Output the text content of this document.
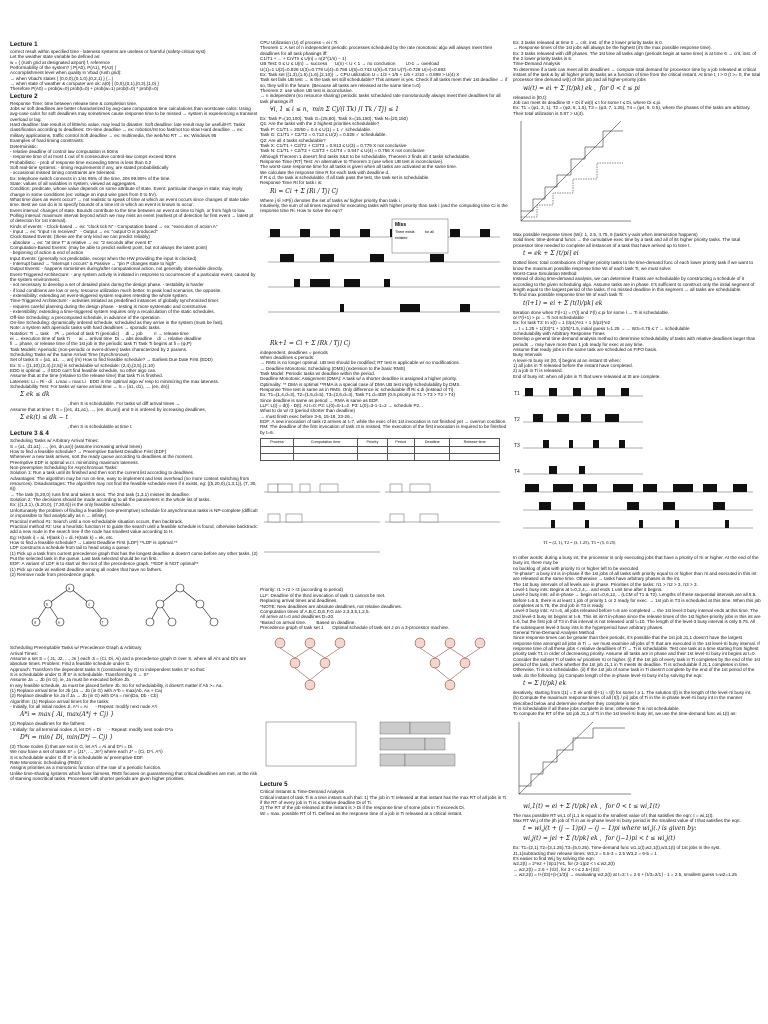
Lecture 1
correct result within specified time - lateness systems are useless or harmful (safety-critical syst)
Let the weather state variable be defined as:
w = { (rush grid at designated airport) f, reference
Performability of the system? | P(A0), P(A1), P(A2) |
Accomplishment level when quality in Vbad (rush grid):
→ when Vbad's states { (0,0,0),(0,1,0),(0,2,1) } {...}
→ when state of weather & computer are ok: a(0) { (0,0),(0,1),(0,2),(1,0) }
Therefore P(A0) = prob(w=0) prob(t=0) + prob(w=1) prob(t=0) * prob(t=0)
Lecture 2
Response Time: time between release time & completion time.
Jobs w/ soft deadlines are better characterized by avg-case computation time calculations than worstcase calcs. Using avg-case calcs for soft deadlines may sometimes cause response time to be missed → system is experiencing a transient overload or lag.
Hard deadline: late result is of little/no value, may lead to disaster. Soft deadline: late result may be useful/HT. Tasks classification according to deadlines: On-time deadline → ex: robotics/rst too fast/not too slow Hard deadline → ex: military applications, traffic control Soft deadline → ex: multimedia, the web/No RT → ex: Windows 95
Examples of hard timing constraints:
Deterministic:
- relative deadline of control law computation is 50ms
- response time of at most 1 out of 5 consecutive control-law comps exceed 50ms
Probabilistic: - prob of response time exceeding 50ms is less than 0.2
Soft real-time systems: - timing requirements if any, are stated probabilistically
- occasional missed timing constraints are tolerated.
Ex: telephone switch connects in 1/4s 95% of the time, 20s 99.95% of the time.
State: values of all variables in system, viewed as aggregates.
Condition: predicate, whose value depends on some attribute of state. Event: particular change in state; may imply change in some conditions (ex: voltage on input wire goes from 0 to 5V).
What time does an event occur? → not realistic to speak of time at which an event occurs since changes of state take time. Best we can do is to specify bounds of a time int in which an event is known to occur.
Event interval: changes of state. Bounds contribute to the time between an event at time to high, or from high to low.
Polling interval: maximum interval beyond which we may miss an event (earliest pt of detection for first event → latest pt of detection for 1st interval).
Kinds of events: - Clock-based → ex: "clock tick N" - Computation based → ex: "execution of action A"
- Input → ex: "input I is received"   - Output → ex: "output O is produced"
Clock-Based Events: (these are the only kind we can predict reliably)
- absolute → ex: "at time T" & relative → ex: "2 seconds after event E"
Computation-Based Events: (may be able to predict earliest point, but not always the latest point)
- beginning of action & end of action
Input Events: (generally not predictable, except when the HW providing the input is clocked)
- Interrupt based → "interrupt I occurs" & Passive → "pin P changes state to high"
Output Events: - happens sometimes during/after computational action, not generally observable directly.
Event-Triggered Architecture: - any system activity is initiated in response to occurrences of a particular event, caused by the system environment.
- not necessary to develop a set of detailed plans during the design phase. - testability is harder
- if load conditions are low or very, resource utilization much better. In peak load scenarios, the opposite.
- extensibility: extending an event-triggered system requires retesting the whole system.
Time-Triggered Architecture: - activities initiated as predefined instances of globally synchronized timer.
- requires careful planning during the design phase. - testing is more systematic and constructive.
- extensibility: extending a time-triggered system requires only a recalculation of the static schedules.
Off-line Scheduling: a precomputed schedule, in advance of the operation.
On-line Scheduling: dynamically ordered schedule, scheduled as they arrive in the system (must be fast).
Note: a system with aperiodic tasks with hard deadlines → sporadic tasks.
Notation: Ti → task     Pi → period of task Ti (periodic)     di → job         ri → release time
ei → execution time of task Ti       ai → arrival time  Di → abs deadline    di → relative deadline
fi → phase, or release time of the 1st job in the periodic task Ti Task Ti begins at fi = (φ,P)
Task Models: Aperiodic (non-periodic or event-driven) tasks characterized by 2 params.
Scheduling Tasks w/ the Same Arrival Time (Synchronous)
Set of tasks S = {a1, a1, ..., an} (m) How to find feasible schedule? → Earliest Due Date First (EDD)
Ex: S = {(1,10),(2,4),(2,5)} is schedulable w/ schedule: (2,4),(2,5),(1,10)
EDD is optimal → if EDD can't find feasible schedule, no other algo can.
Assume that at the time (relative to the release time) that task Ti is finished.
Lateness: Li = Ri - di   Lmax = max Li   EDD is the optimal algo w/ resp to minimizing the max lateness.
Schedulability Test: For tasks w/ same arrival time → S = {a1, d1), ..., (en, dn)}
Σ ek ≤ dk
, then S is schedulable. For tasks w/ diff arrival times →
Assume that at time t: S = {(e1, d1,a1), ..., (en, dn,an)} and S is ordered by increasing deadlines,
Σ ek(t) ≤ dk − t
, then S is schedulable at time t.
Lecture 3 & 4
Scheduling Tasks w/ Arbitrary Arrival Times:
S = {a1, d1,a1}, ..., (en, dn,an)} (assume increasing arrival times)
How to find a feasible schedule? → Preemptive Earliest Deadline First (EDF)
Whenever a new task arrives, sort the ready queue according to deadlines at the moment.
Preemptive EDF is optimal w.r.t. minimizing maximum lateness.
Non-preemptive Scheduling for Asynchronous Tasks:
Solution 1: Run a task until its finished and then sort the current list according to deadlines.
Advantages: The algorithm may be run on-line, easy to implement and less overhead (no more context switching from resources). Disadvantages: The algorithm may not find the feasible schedule even if it exists, eg: {(5,20,0),(1,3,1)}, (7, 30, 6)}
→ The task (5,20,0) runs first and takes 5 secs. The 2nd task (1,3,1) misses its deadline.
Solution 2: The decisions should be made according to all the parameters in the whole list of tasks.
Ex: {(1,3,1), (5,20,0), (7,30,6)} is the only feasible schedule.
Unfortunately the problem of finding a feasible (non-preemptive) schedule for asynchronous tasks is NP-complete (difficult or impossible to find analytically as n → infinity).
Practical method #1: Search until a non-schedulable situation occurs, then backtrack.
Practical method #2: Use a heuristic function H to guide the search until a feasible schedule is found, otherwise backtrack: add a new node in the search tree if the node has smallest value according to H.
Eg: H(task i) = ai, H(task i) = di, H(task k) = ek, etc.
How to find a feasible schedule? → Latest Deadline First (LDF) **LDF is optimal.**
LDF constructs a schedule from tail to head using a queue:
(1) Pick up a task from current precedence graph that has the longest deadline & doesn't come before any other tasks. (2) Put the selected task in the queue. Last task selected should be run first.
EDF: A variant of LDF is to start w/ the root of the precedence graph. **EDF is NOT optimal**
(1) Pick up node w/ earliest deadline among all nodes that have no fathers.
(2) Remove node from precedence graph.
a
b	c
d	e	f
Scheduling Preemptable Tasks w/ Precedence Graph & Arbitrary
Arrival Times:
Assume a set S = { J1, J2, ..., Jn } each Ji = (Ci, Di, Ai) and a precedence graph G over S, where all Ai's and Di's are absolute times. Problem: Find a feasible schedule under G.
Approach: Transform the dependent tasks S (constrained by G) to independent tasks S* so that:
S is schedulable under G iff S* is schedulable. Transforming S → S*:
Assume Ja → Jb (in G), ie, Ja must be executed before Jb.
In any feasible schedule, Ja must be placed before Jb. So for schedulability, it doesn't matter if Ab >= Aa.
(1) Replace arrival time for Jb (Ja → Jb (in G) with A*b = max(Ab, Aa + Ca)
(2) Replace deadline for Ja if Ja → Jb (in G) with D*a = min(Da, Db - Cb)
Algorithm: (1) Replace arrival times for the tasks:
- Initially, for all initial nodes Ji, A*i = Ai      - Repeat: modify next node A*i
A*i = max{ Ai, max(A*j + Cj) }
(2) Replace deadlines for the fathers:
- Initially: for all terminal nodes Ji, let D*i = Di      - Repeat: modify next node D*a
D*i = min{ Di, min(D*j − Cj) }
(3) Those nodes (i) that are not in G, let A*i = Ai and D*i = Di.
We now have a set of tasks S* = {J1*, ..., Jn*} where each J* = (Ci, D*i, A*i)
S is schedulable under G iff S* is schedulable w/ preemptive EDF.
Rate Monotonic Scheduling (RMS):
Assigns priorities as a monotonic function of the rate of a periodic function.
Unlike time-sharing systems which favor fairness, RMS focuses on guaranteeing that critical deadlines are met, at the risk of starving noncritical tasks. Processes with shorter periods are given higher priorities.
CPU Utilization (U) of process = ei / Ti.
Theorem 1: A set of n independent periodic processes scheduled by the rate monotonic algo will always meet their deadlines for all task phasings iff:
C1/T1 + ... + Cn/Tn ≤ U(n) = n(2^(1/n) − 1)
UB Test: 0 ≤ U ≤ U(n) → success      U(n) < U < 1 → no conclusion        U>1 → overload
U(1)=1 U(2)=0.828 U(3)=0.779 U(4)=0.756 U(5)=0.743 U(6)=0.734 U(7)=0.728 U(∞)=0.693
Ex: Task set {(1,3),(1,5),(1,6),(2,10)} → CPU utilization U = 1/3 + 1/5 + 1/6 + 2/10 = 0.899 > U(4) X
Task set fails UB test → is the task set still schedulable? This answer is yes. Check if all tasks meet their 1st deadline → if so, they will in the future. (Because all tasks are released at the same time t=0)
Theorem 2: use when UB test is inconclusive.
→ n independent (no resource sharing) periodic tasks scheduled rate monotonically always meet their deadlines for all task phasings iff
∀i, 1 ≤ i ≤ n,  min Σ Cj/(l Tk) ⌈l Tk / Tj⌉ ≤ 1
Ex: Task P=(10,100), Task G=(25,80), Task X=(15,150), Task N=(20,150)
Q1: Are the tasks with the 2 highest priorities schedulable?
Task P: C1/T1 = 20/50 = 0.4 ≤ U(1) = 1 ✓ schedulable.
Task G: C1/T1 + C2/T2 = 0.713 ≤ U(2) = 0.828 ✓ schedulable.
Q2: Are all 4 tasks schedulable?
Task X: C1/T1 + C2/T2 + C3/T3 = 0.813 ≤ U(3) = 0.779 X not conclusive
Task N: C1/T1 + C2/T2 + C3/T3 + C4/T4 = 0.947 ≤ U(4) = 0.756 X not conclusive
Although Theorem 1 doesn't find tasks X&S to be schedulable, Theorem 2 finds all 4 tasks schedulable.
Response Time (RT) Test: An alternative to Theorem 2 (use when UB test is inconclusive).
The worst-case response time for all tasks is given when all tasks are activated at the same time.
We calculate the response time R for each task with deadline d.
If R ≤ d, the task is schedulable. If all task pass the test, the task set is schedulable.
Response Time RI for task i is:
Ri = Ci + Σ ⌈Ri / Tj⌉ Cj
Where j ∈ HP(i) denotes the set of tasks w/ higher priority than task i.
Intuitively, the sum of all times required for executing tasks with higher priority than task i (and the computing time Ci is the response time Ri. How to solve the eqn?
Miss
There exists	for all
enlisted
Rk+1 = Ci + Σ ⌈Rk / Tj⌉ Cj
independent, deadlines = periods
When deadlines ≤ periods:
→ RMS is no longer optimal. UB test should be modified; RT test is applicable w/ no modifications.
→ Deadline Monotonic Scheduling (DMS) (extension to the basic RMS)
Task Model: Periodic tasks w/ deadline within the period.
Deadline Monotonic Assignment (DMA): A task w/ a shorter deadline is assigned a higher priority.
Optimality: ** DMA is optimal **RMA is a special case of DMA UB test imply schedulability by DMS.
Response Time test is same as in RMS. Only difference is: schedulable iff Ri ≤ di (instead of Ti).
Ex: T1=(1,4,d=3), T2=(1,5,d=5), T3=(2,6,d=4), Task T1 d=4DR (0.5 priority is T1 > T3 > T2 > T4)
Since deadline is same as period → RMA is same as EDF.
LLF: L(t) = d(t) - D(t). At t=0: P2: L(0)=5-1=2  P3: L(0)=3-1-1=2 → schedule P2...
What to do w/ r3 (period shorter than deadline)
→ must finish exec before 3-6, 15-18, 23-26...
EDF: A new invocation of task r2 arrives at t=7, while the exec of its 1st invocation is not finished yet → overrun condition.
RM: The deadline of the first invocation of task r3 is missed. The execution of the first invocation is required to be finished by t=6.
Process	Computation time	Priority	Period	Deadline	Release time

Priority: r1 > r2 > r3 (according to period)
LLF: Deadline of the third invocation of task r1 cannot be met.
Replacing arrival times and deadlines.
*NOTE: New deadlines are absolute deadlines, not relative deadlines.
Computation times of A,B,C,D,E,F,G are 2,3,3,5,1,2,5.
All arrive at t=0 and deadlines D=20.
*Based on arrival time.        Based on deadline.
Precedence graph of task set J       Optimal schedule of task set J on a 3-processor machine.
Lecture 5
Critical Instants & Time-Demand Analysis
Critical instant of task Ti is a time instant such that: 1) The job in Ti released at that instant has the max RT of all jobs in Ti if the RT of every job in Ti is ≤ relative deadline Di of Ti.
2) The RT of the job released at the instant is > Di if the response time of some jobs in Ti exceeds Di.
Wi = max. possible RT of Ti. Defined as the response time of a job in Ti released at a critical instant.
Ex: 3 tasks released at time 0 → crit. inst. of the 2 lower priority tasks is 0.
→ Response times of the 1st jobs will always be the highest (it's the max possible response time).
Ex: 3 tasks released with diff phases. The 1st time all tasks align (periods begin at same time) is at time 6 → crit. inst. of the 2 lower priority tasks is 6.
Time-Demand Analysis
To determine if a task can meet all its deadlines → compute total demand for processor time by a job released at critical instant of the task & by all higher priority tasks as a function of time from the critical instant. At time t, t > 0 (t >= 0, the total processor time demand wi(t) of this job and all higher-priority jobs
wi(t) = ei + Σ ⌈t/pk⌉ ek ,  for 0 < t ≤ pi
released in [t0,t]:
Job can meet its deadline t0 + Di if wi(t) ≤ t for some t ≤ Di, where Di ≤ pi.
Ex: T1 = (φ1, 3, 1), T2 = (φ2, 5, 1.5), T3 = (φ3, 7, 1.25), T4 = (φ4, 9, 0.5), where the phases of the tasks are arbitrary. Their total utilization is 0.87 > U(4).
Max possible response times (Wi): 1, 2.5, 4.75, 9 (task's y-axis when intersection happens)
Solid lines: time-demand funcs → the cumulative exec time by a task and all of its higher priority tasks. The total processor time needed to complete all instances of a task that have arrived up to time t.
t = ek + Σ ⌈t/pi⌉ ei
Dotted lines: total contributions of higher priority tasks to the time-demand func of each lower priority task if we want to know the maximum possible response time Wi of each task Ti, we must solve:
Worst-Case Simulation Method
Instead of doing time-demand analysis, we can determine if tasks are schedulable by constructing a schedule of it according to the given scheduling algo. Assume tasks are in phase. It's sufficient to construct only the initial segment of length equal to the largest period of the tasks. If no missed deadline in this segment → all tasks are schedulable.
To find max possible response time Wi of each task Ti:
t(l+1) = ei + Σ ⌈t(l)/pk⌉ ek
Iteration done when t*(l+1) = t*(l) and t*(l) ≤ pi for some l → Ti is schedulable.
or t*(l+1) > pi → Ti not schedulable
Ex: for task T3: In x(t) = 1 (t/p1)*e1 + 1 (t/p2)*e2
→ t = 1.25 + 1(t/3)*1 + 1(t/5)*1.5, initial guess t=1.25 → ... W3=4.75 ≤ 7 → schedulable
Schedulability with Arbitrary Response Times
Develop a general time-demand analysis method to determine schedulability of tasks with relative deadlines larger than periods → may have more than 1 job ready for exec at any time.
Assume that ready jobs in the same task are scheduled on FIFO basis.
Busy Intervals
A level-πi busy int (t0, t] begins at an instant t0 when:
1) all jobs in Ti released before the instant have completed.
2) a job in Ti is released.
End of busy int: when all jobs in Ti that were released at t0 are complete.
T1
T2
T3
T4
T1 = (2, 1), T2 = (3, 1.25), T3 = (5, 0.25)
In other words: during a busy int, the processor is only executing jobs that have a priority of πi or higher. At the end of the busy int, there may be
no backlog of jobs with priority πi or higher left to be executed
"in-phase": a busy int is in-phase if the 1st jobs of all tasks with priority equal to or higher than πi and executed in this int are released at the same time. Otherwise → tasks have arbitrary phases in the int.
The 1st busy intervals of all levels are in phase. Priorities of the tasks: π1 > π2 > 3, π3 > 3.
Level-1 busy ints: Begins at t=0,2,4,... and ends 1 unit time after it begins.
Level-2 busy ints: all in-phase → begin at t=0,6,12,... (LCM of T1 & T2). Lengths of these sequential intervals are all 5.5.
Before t=5.5, there is at least 1 job of priority 1 or 2 ready for exec. → 1st job in T3 is scheduled at this time. When this job completes at 5.75, the 2nd job in T3 is ready.
Level-3 busy ints: At t=6, all jobs released before t=6 are completed → the 1st level-3 busy interval ends at this time. The 2nd level-3 busy int begins at t=6. This int isn't in-phase since the release times of the 1st higher-priority jobs in this int are t=6, but the first job of T3 in this interval is not released until t=10. The length of the level-3 busy interval is only 5.75. All the subsequent level-3 busy ints in the hyperperiod have arbitrary phases.
General Time-Demand Analysis Method
Since response times can be greater than their periods, it's possible that the 1st job J1,1 doesn't have the largest response time amongst all jobs in Ti → we must examine all jobs of Ti that are executed in the 1st level-πi busy interval. If response time of all these jobs < relative deadlines of Ti → Ti is schedulable. Test one task at a time starting from highest priority task T1 in order of decreasing priority. Assume all tasks are in phase and their 1st level-πi busy int begins at t=0. Consider the subset Ti of tasks w/ priorities πi or higher. (i) If the 1st job of every task in Ti completes by the end of the 1st period of the task, check whether the 1st job J1,1 in Ti meets its deadline. Ti is schedulable if J1,1 completes in time. Otherwise, Ti is not schedulable. (ii) If the 1st job of some task in Ti doesn't complete by the end of the 1st period of the task, do the following: (a) Compute length of the in-phase level-πi busy int by solving the eqn:
t = Σ ⌈t/pk⌉ ek
iteratively, starting from t(1) = Σ ek until t(l+1) = t(l) for some l ≥ 1. The solution t(l) is the length of the level-πi busy int.
(b) Compute the maximum response times of all ⌈t(l) / pi⌉ jobs of Ti in the in-phase level-πi busy int in the manner described below and determine whether they complete in time.
Ti is schedulable if all these jobs complete in time; otherwise Ti is not schedulable.
To compute the RT of the 1st job J1,1 of Ti in the 1st level-πi busy int, we use the time-demand func wi,1(t) as:
wi,1(t) = ei + Σ ⌈t/pk⌉ ek ,  for 0 < t ≤ wi,1(t)
The max possible RT wi,1 of j1,1 is equal to the smallest value of t that satisfies the eqn: t = wi,1(t).
Max RT Wi,j of the jth job of Ti in an in-phase level-πi busy period is the smallest value of t that satisfies the eqn:
t = wi,j(t + (j − 1)pi) − (j − 1)pi where wi,j(.) is given by:
wi,j(t) = jei + Σ ⌈t/pk⌉ ek ,  for (j−1)pi < t ≤ wi,j(t)
Ex: T1=(2,1),T2=(3,1.25),T3=(5,0.25). Time-demand func w1,1(t),w2,1(t),w3,1(t) of 1st jobs in the syst.
J1,1(subtracting their release times: W2,2 = 5.5-3 = 2.5 W3,2 = 6-5 = 1
It's easier to find Wi,j by solving the eqn:
w2,2(t) = 2*e2 + ⌈t/p1⌉*e1, for (2-1)p2 < t ≤ w2,2(t)
→ w2,2(t) = 2.5 + ⌈t/2⌉, for 3 < t ≤ 2.5+⌈t/2⌉
→ w2,2(t) = t+(t/3)+(t-(1/3)) → evaluating w2,2(t) at t=3: t = 2.5 + ⌈t/3=2/1⌉ - 1 = 2.5, smallest guess t=w2=1.25
